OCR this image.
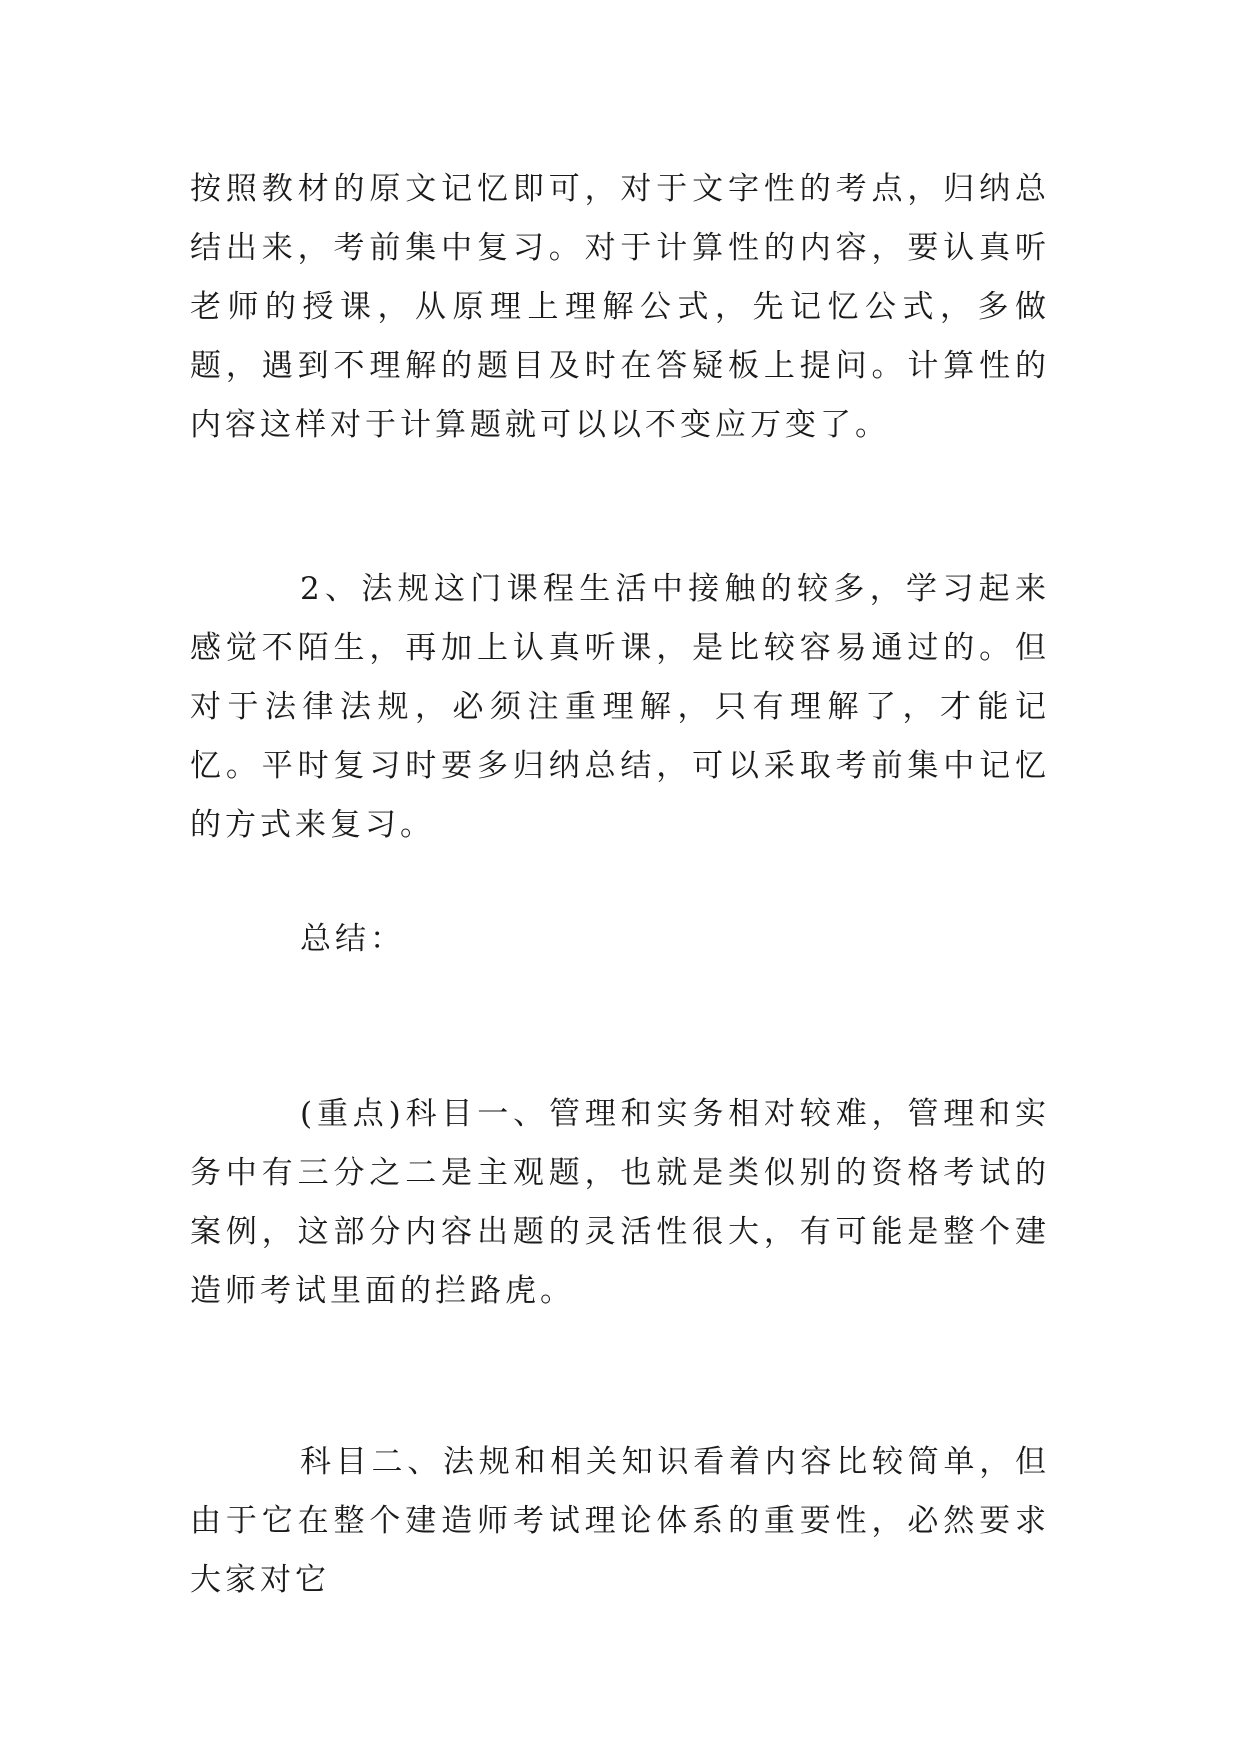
按照教材的原文记忆即可，对于文字性的考点，归纳总结出来，考前集中复习。对于计算性的内容，要认真听老师的授课，从原理上理解公式，先记忆公式，多做题，遇到不理解的题目及时在答疑板上提问。计算性的内容这样对于计算题就可以以不变应万变了。

2、法规这门课程生活中接触的较多，学习起来感觉不陌生，再加上认真听课，是比较容易通过的。但对于法律法规，必须注重理解，只有理解了，才能记忆。平时复习时要多归纳总结，可以采取考前集中记忆的方式来复习。

总结：

(重点)科目一、管理和实务相对较难，管理和实务中有三分之二是主观题，也就是类似别的资格考试的案例，这部分内容出题的灵活性很大，有可能是整个建造师考试里面的拦路虎。

科目二、法规和相关知识看着内容比较简单，但由于它在整个建造师考试理论体系的重要性，必然要求大家对它
